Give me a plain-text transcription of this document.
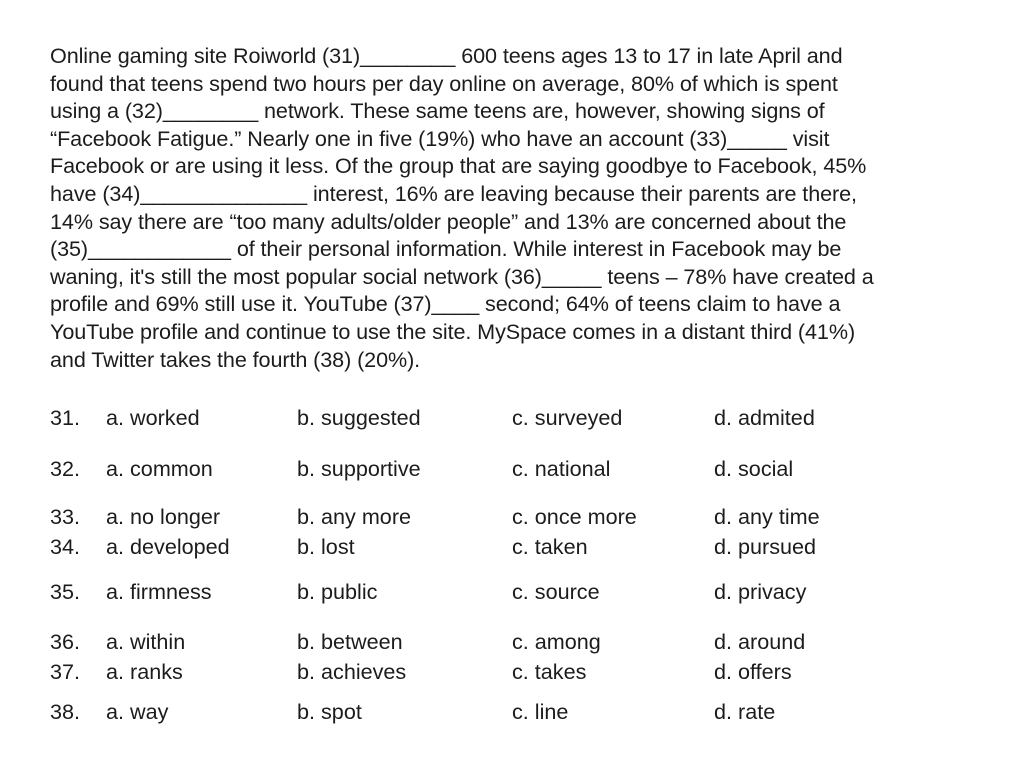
Online gaming site Roiworld (31)________ 600 teens ages 13 to 17 in late April and
found that teens spend two hours per day online on average, 80% of which is spent
using a (32)________ network. These same teens are, however, showing signs of
“Facebook Fatigue.” Nearly one in five (19%) who have an account (33)_____ visit
Facebook or are using it less. Of the group that are saying goodbye to Facebook, 45%
have (34)______________ interest, 16% are leaving because their parents are there,
14% say there are “too many adults/older people” and 13% are concerned about the
(35)____________ of their personal information. While interest in Facebook may be
waning, it's still the most popular social network (36)_____ teens – 78% have created a
profile and 69% still use it. YouTube (37)____ second; 64% of teens claim to have a
YouTube profile and continue to use the site. MySpace comes in a distant third (41%)
and Twitter takes the fourth (38) (20%).
31. a. worked	b. suggested	c. surveyed	d. admited
32. a. common	b. supportive	c. national	d. social
33. a. no longer	b. any more	c. once more	d. any time
34. a. developed	b. lost	c. taken	d. pursued
35. a. firmness	b. public	c. source	d. privacy
36. a. within	b. between	c. among	d. around
37. a. ranks	b. achieves	c. takes	d. offers
38. a. way	b. spot	c. line	d. rate
